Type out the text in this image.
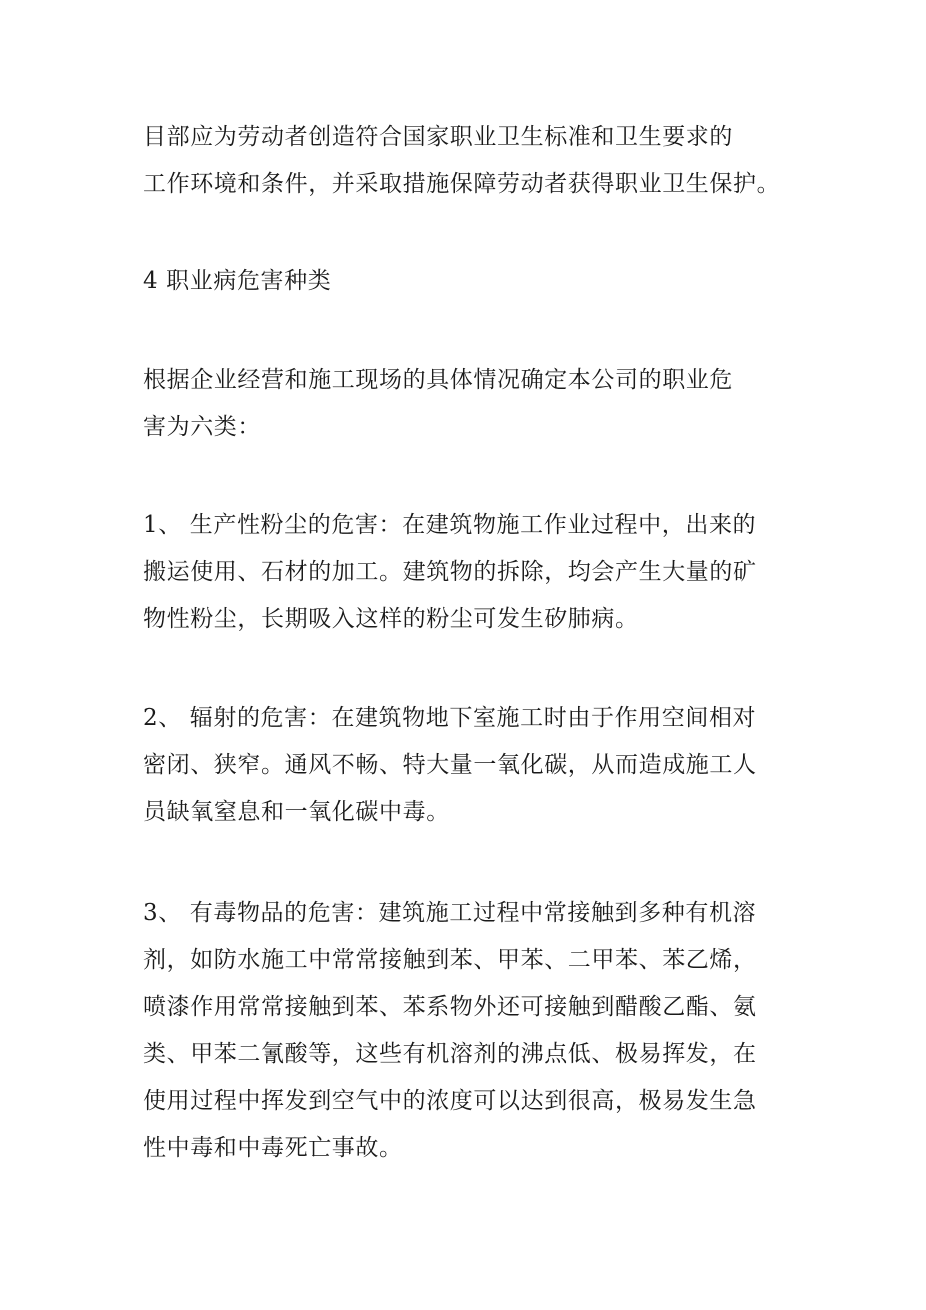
目部应为劳动者创造符合国家职业卫生标准和卫生要求的
工作环境和条件，并采取措施保障劳动者获得职业卫生保护。

4 职业病危害种类

根据企业经营和施工现场的具体情况确定本公司的职业危
害为六类：

1、 生产性粉尘的危害：在建筑物施工作业过程中，出来的
搬运使用、石材的加工。建筑物的拆除，均会产生大量的矿
物性粉尘，长期吸入这样的粉尘可发生矽肺病。

2、 辐射的危害：在建筑物地下室施工时由于作用空间相对
密闭、狭窄。通风不畅、特大量一氧化碳，从而造成施工人
员缺氧窒息和一氧化碳中毒。

3、 有毒物品的危害：建筑施工过程中常接触到多种有机溶
剂，如防水施工中常常接触到苯、甲苯、二甲苯、苯乙烯，
喷漆作用常常接触到苯、苯系物外还可接触到醋酸乙酯、氨
类、甲苯二氰酸等，这些有机溶剂的沸点低、极易挥发，在
使用过程中挥发到空气中的浓度可以达到很高，极易发生急
性中毒和中毒死亡事故。
